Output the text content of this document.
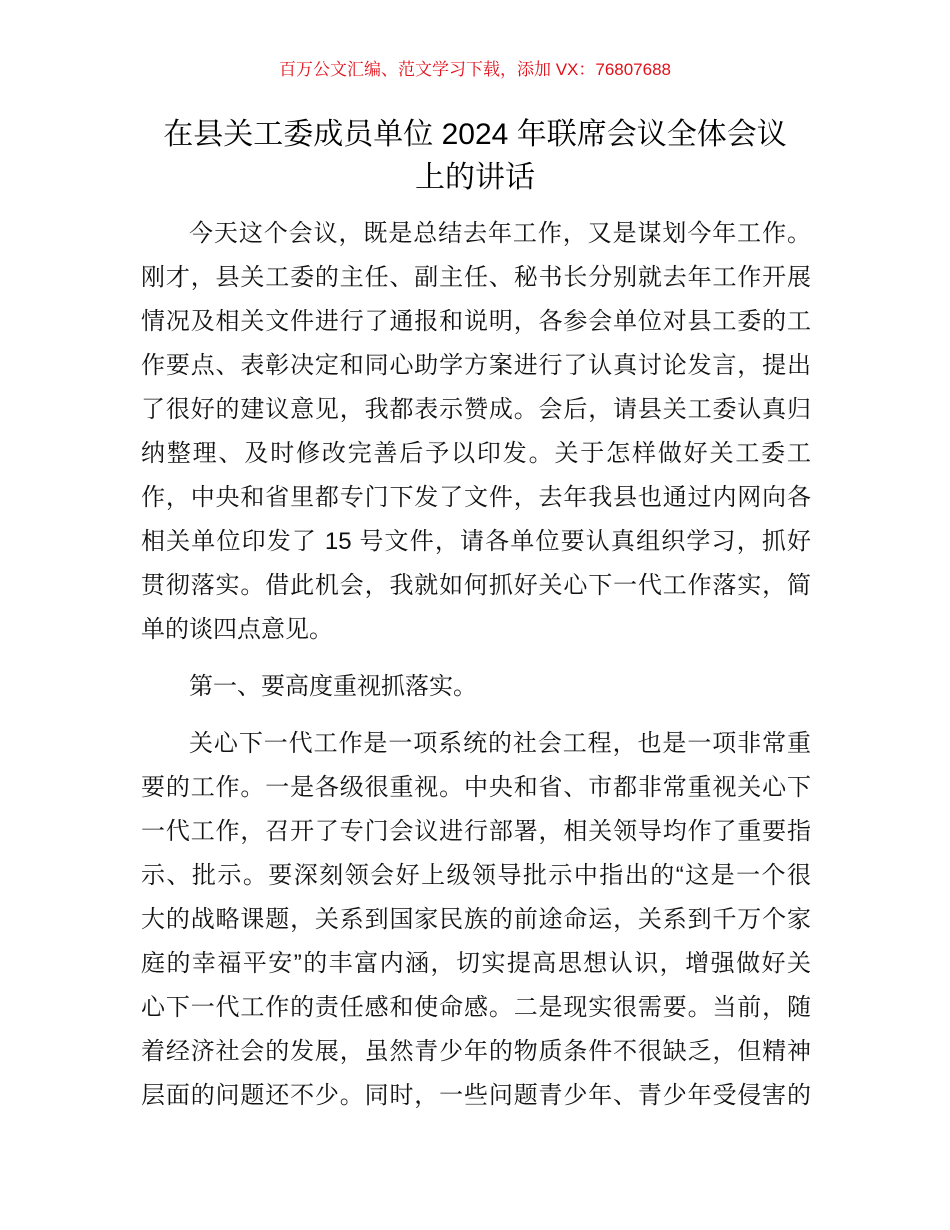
百万公文汇编、范文学习下载，添加 VX：76807688
在县关工委成员单位 2024 年联席会议全体会议
上的讲话
今天这个会议，既是总结去年工作，又是谋划今年工作。
刚才，县关工委的主任、副主任、秘书长分别就去年工作开展
情况及相关文件进行了通报和说明，各参会单位对县工委的工
作要点、表彰决定和同心助学方案进行了认真讨论发言，提出
了很好的建议意见，我都表示赞成。会后，请县关工委认真归
纳整理、及时修改完善后予以印发。关于怎样做好关工委工
作，中央和省里都专门下发了文件，去年我县也通过内网向各
相关单位印发了 15 号文件，请各单位要认真组织学习，抓好
贯彻落实。借此机会，我就如何抓好关心下一代工作落实，简
单的谈四点意见。
第一、要高度重视抓落实。
关心下一代工作是一项系统的社会工程，也是一项非常重
要的工作。一是各级很重视。中央和省、市都非常重视关心下
一代工作，召开了专门会议进行部署，相关领导均作了重要指
示、批示。要深刻领会好上级领导批示中指出的“这是一个很
大的战略课题，关系到国家民族的前途命运，关系到千万个家
庭的幸福平安”的丰富内涵，切实提高思想认识，增强做好关
心下一代工作的责任感和使命感。二是现实很需要。当前，随
着经济社会的发展，虽然青少年的物质条件不很缺乏，但精神
层面的问题还不少。同时，一些问题青少年、青少年受侵害的
